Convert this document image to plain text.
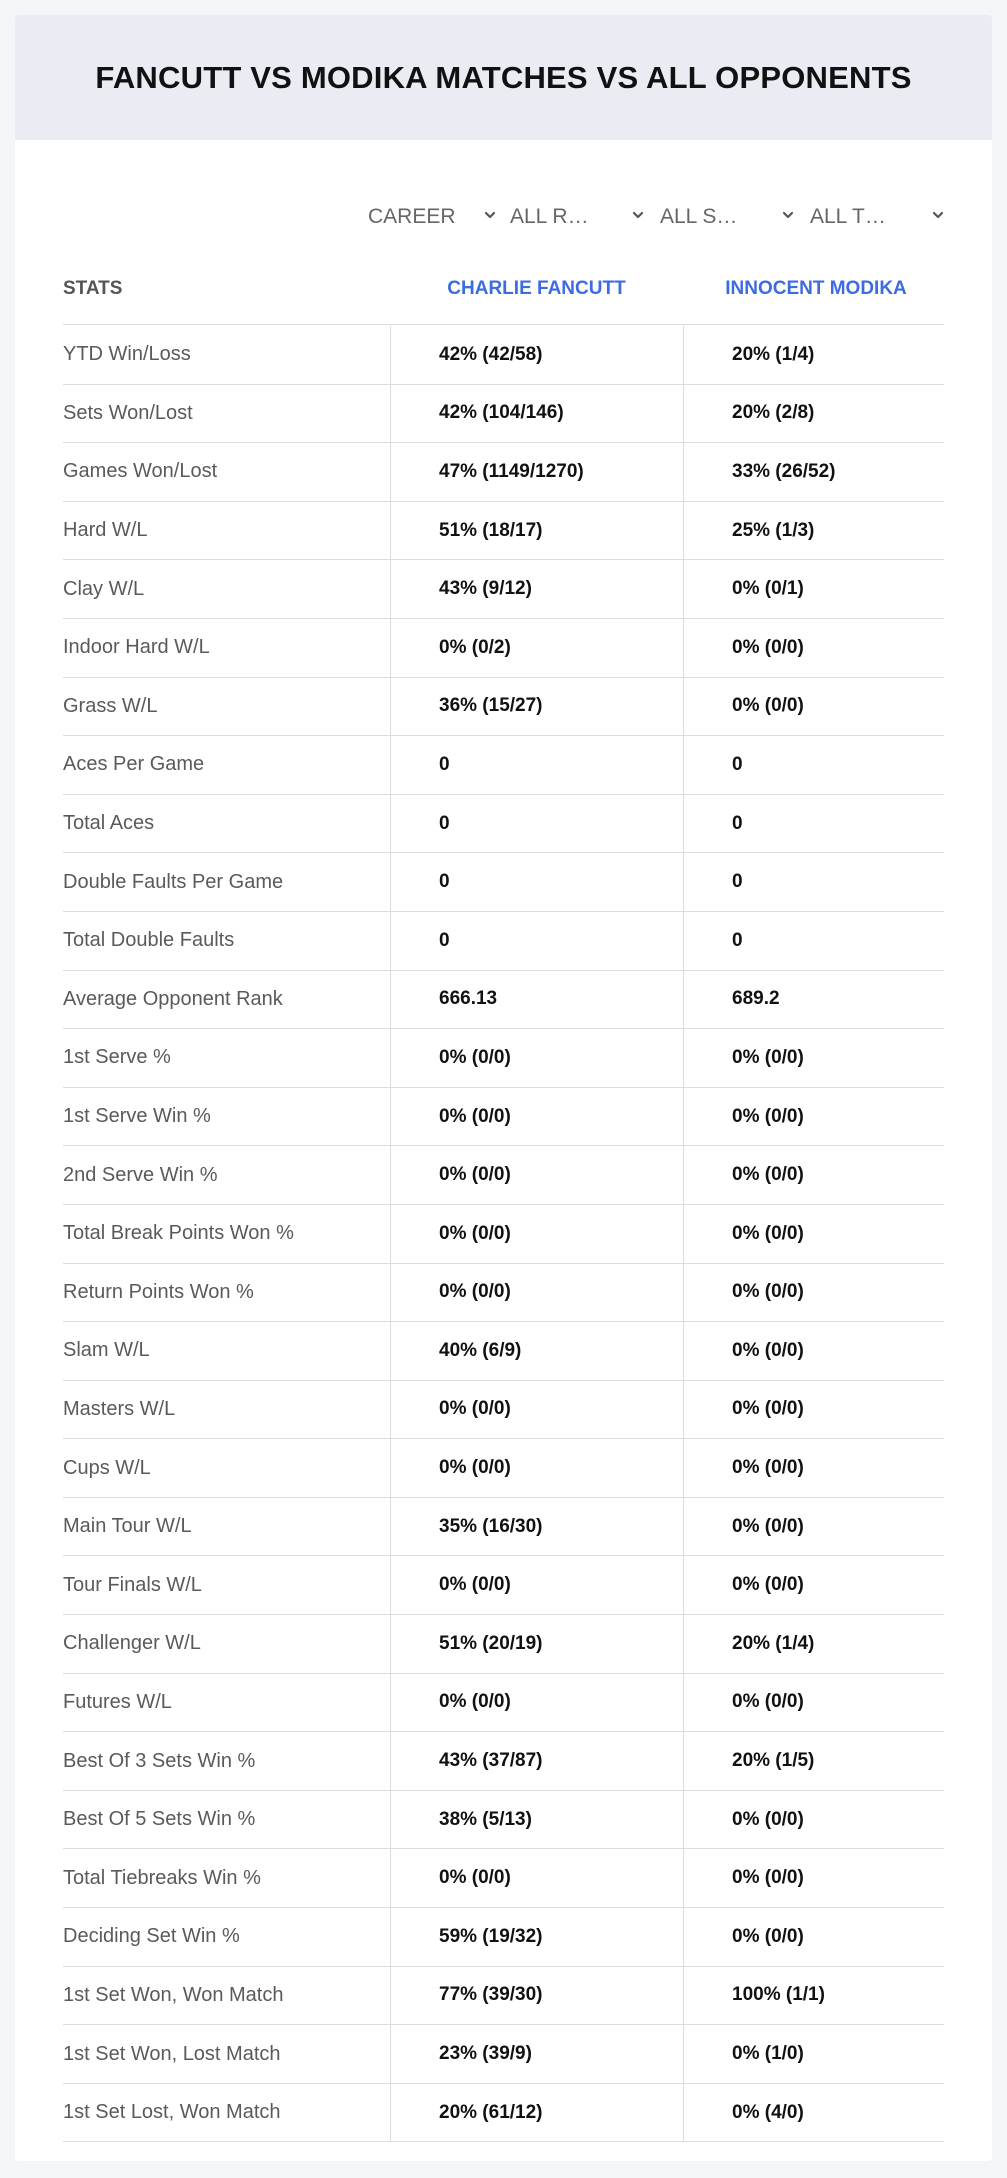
FANCUTT VS MODIKA MATCHES VS ALL OPPONENTS
CAREER	ALL R…	ALL S…	ALL T…
STATS	CHARLIE FANCUTT	INNOCENT MODIKA
YTD Win/Loss	42% (42/58)	20% (1/4)
Sets Won/Lost	42% (104/146)	20% (2/8)
Games Won/Lost	47% (1149/1270)	33% (26/52)
Hard W/L	51% (18/17)	25% (1/3)
Clay W/L	43% (9/12)	0% (0/1)
Indoor Hard W/L	0% (0/2)	0% (0/0)
Grass W/L	36% (15/27)	0% (0/0)
Aces Per Game	0	0
Total Aces	0	0
Double Faults Per Game	0	0
Total Double Faults	0	0
Average Opponent Rank	666.13	689.2
1st Serve %	0% (0/0)	0% (0/0)
1st Serve Win %	0% (0/0)	0% (0/0)
2nd Serve Win %	0% (0/0)	0% (0/0)
Total Break Points Won %	0% (0/0)	0% (0/0)
Return Points Won %	0% (0/0)	0% (0/0)
Slam W/L	40% (6/9)	0% (0/0)
Masters W/L	0% (0/0)	0% (0/0)
Cups W/L	0% (0/0)	0% (0/0)
Main Tour W/L	35% (16/30)	0% (0/0)
Tour Finals W/L	0% (0/0)	0% (0/0)
Challenger W/L	51% (20/19)	20% (1/4)
Futures W/L	0% (0/0)	0% (0/0)
Best Of 3 Sets Win %	43% (37/87)	20% (1/5)
Best Of 5 Sets Win %	38% (5/13)	0% (0/0)
Total Tiebreaks Win %	0% (0/0)	0% (0/0)
Deciding Set Win %	59% (19/32)	0% (0/0)
1st Set Won, Won Match	77% (39/30)	100% (1/1)
1st Set Won, Lost Match	23% (39/9)	0% (1/0)
1st Set Lost, Won Match	20% (61/12)	0% (4/0)
